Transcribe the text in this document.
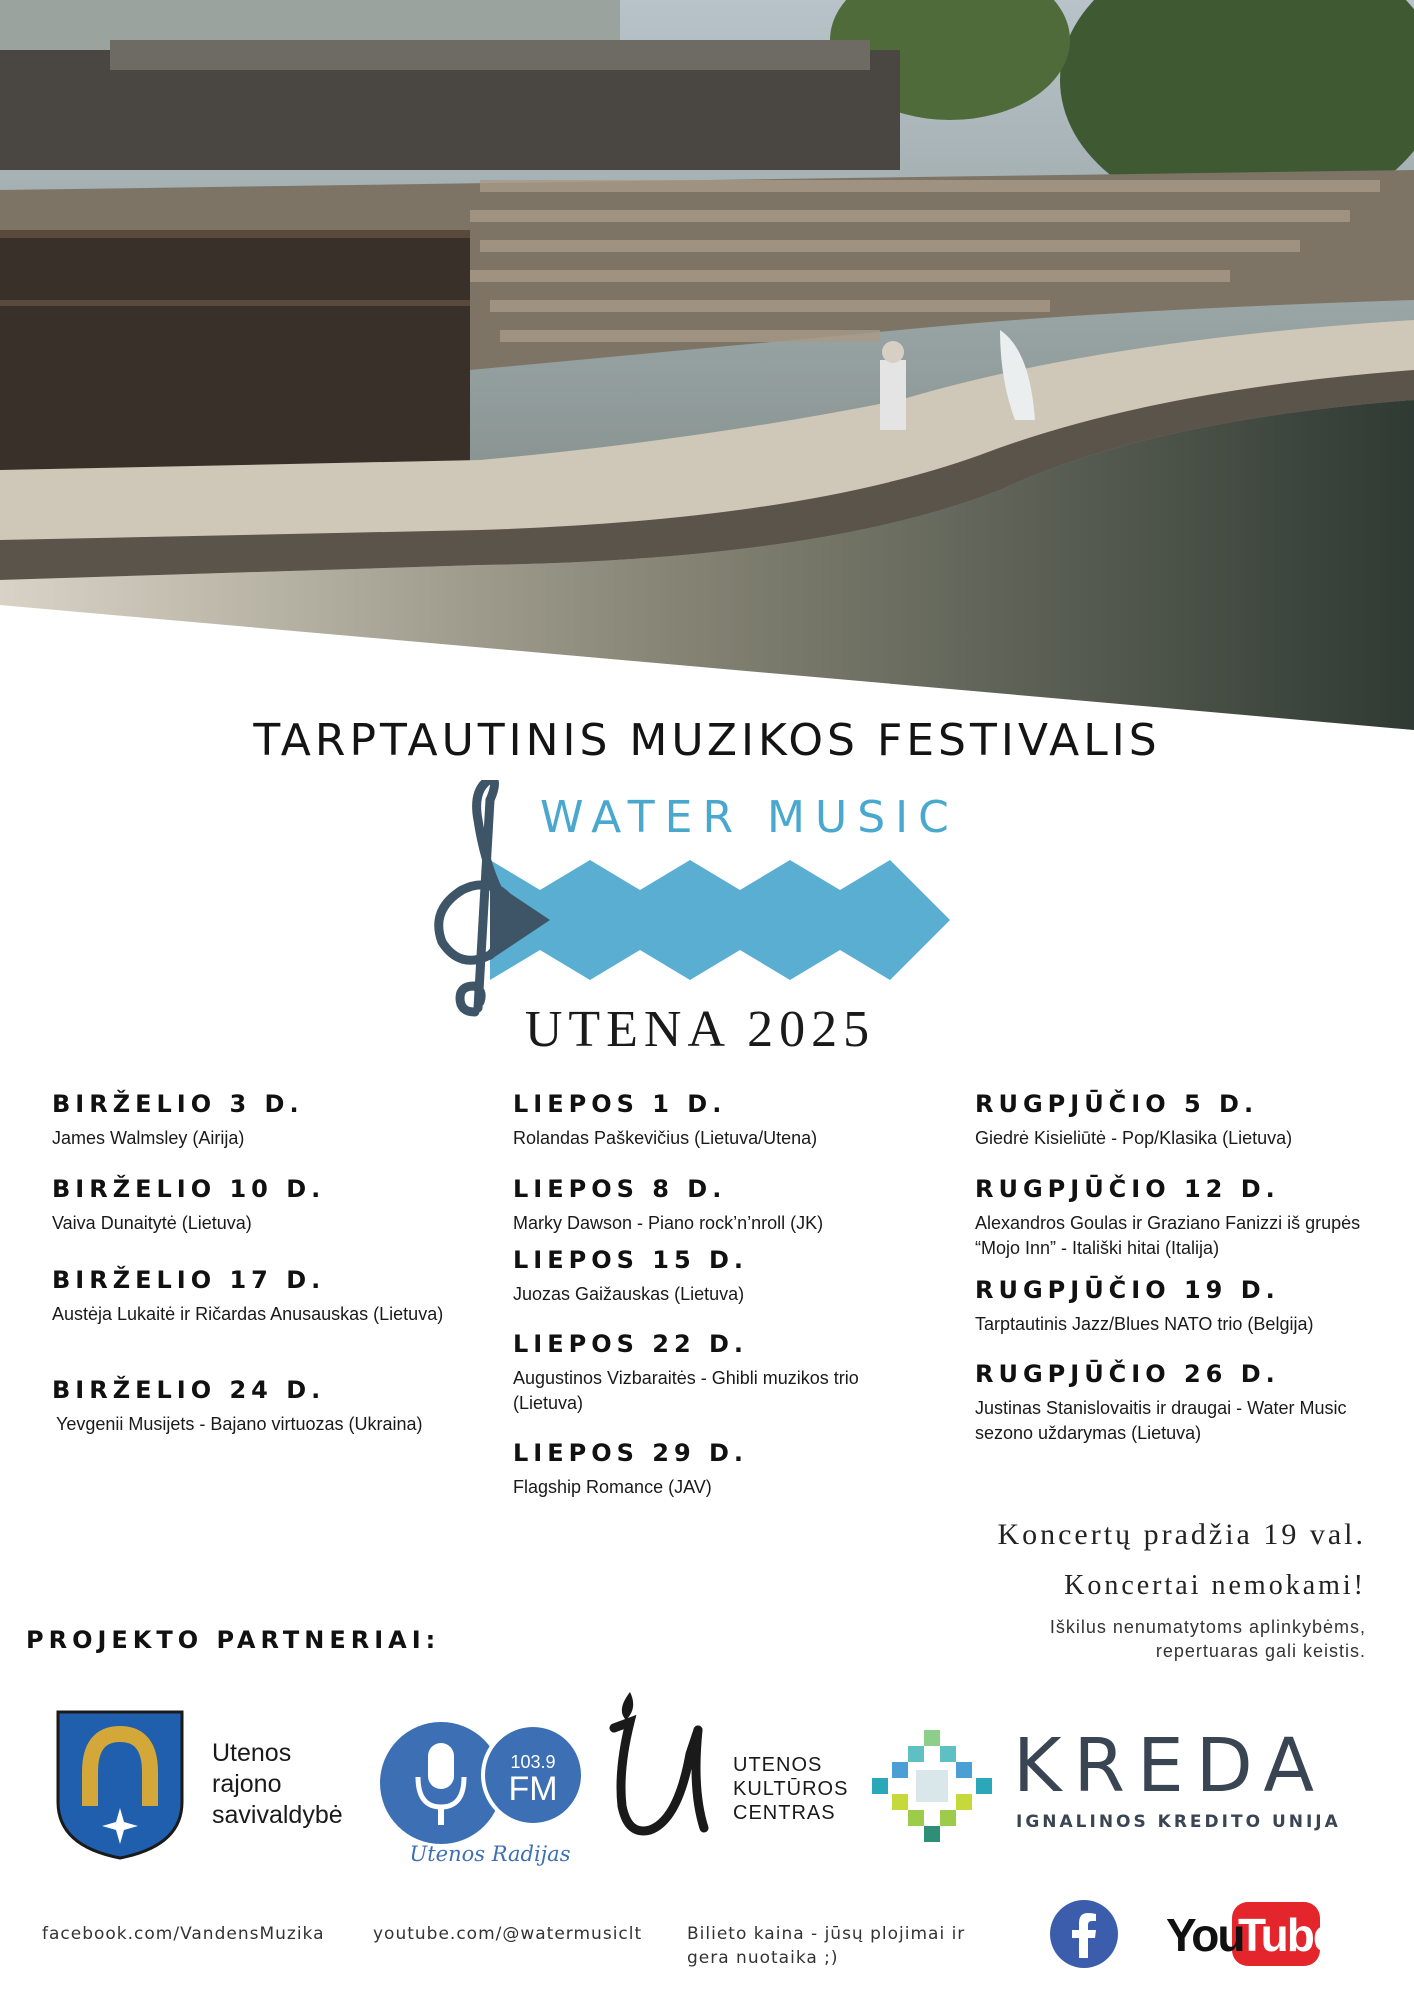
TARPTAUTINIS MUZIKOS FESTIVALIS
WATER MUSIC
UTENA 2025
BIRŽELIO 3 D.
James Walmsley (Airija)
BIRŽELIO 10 D.
Vaiva Dunaitytė (Lietuva)
BIRŽELIO 17 D.
Austėja Lukaitė ir Ričardas Anusauskas (Lietuva)
BIRŽELIO 24 D.
Yevgenii Musijets - Bajano virtuozas (Ukraina)
LIEPOS 1 D.
Rolandas Paškevičius (Lietuva/Utena)
LIEPOS 8 D.
Marky Dawson - Piano rock’n’nroll (JK)
LIEPOS 15 D.
Juozas Gaižauskas (Lietuva)
LIEPOS 22 D.
Augustinos Vizbaraitės - Ghibli muzikos trio (Lietuva)
LIEPOS 29 D.
Flagship Romance (JAV)
RUGPJŪČIO 5 D.
Giedrė Kisieliūtė - Pop/Klasika (Lietuva)
RUGPJŪČIO 12 D.
Alexandros Goulas ir Graziano Fanizzi iš grupės “Mojo Inn” - Itališki hitai (Italija)
RUGPJŪČIO 19 D.
Tarptautinis Jazz/Blues NATO trio (Belgija)
RUGPJŪČIO 26 D.
Justinas Stanislovaitis ir draugai - Water Music sezono uždarymas (Lietuva)
Koncertų pradžia 19 val.
Koncertai nemokami!
Iškilus nenumatytoms aplinkybėms, repertuaras gali keistis.
PROJEKTO PARTNERIAI:
Utenos
rajono
savivaldybė
103.9
FM
Utenos Radijas
UTENOS
KULTŪROS
CENTRAS
KREDA
IGNALINOS KREDITO UNIJA
facebook.com/VandensMuzika	youtube.com/@watermusiclt	Bilieto kaina - jūsų plojimai ir gera nuotaika ;)	You
Tube
